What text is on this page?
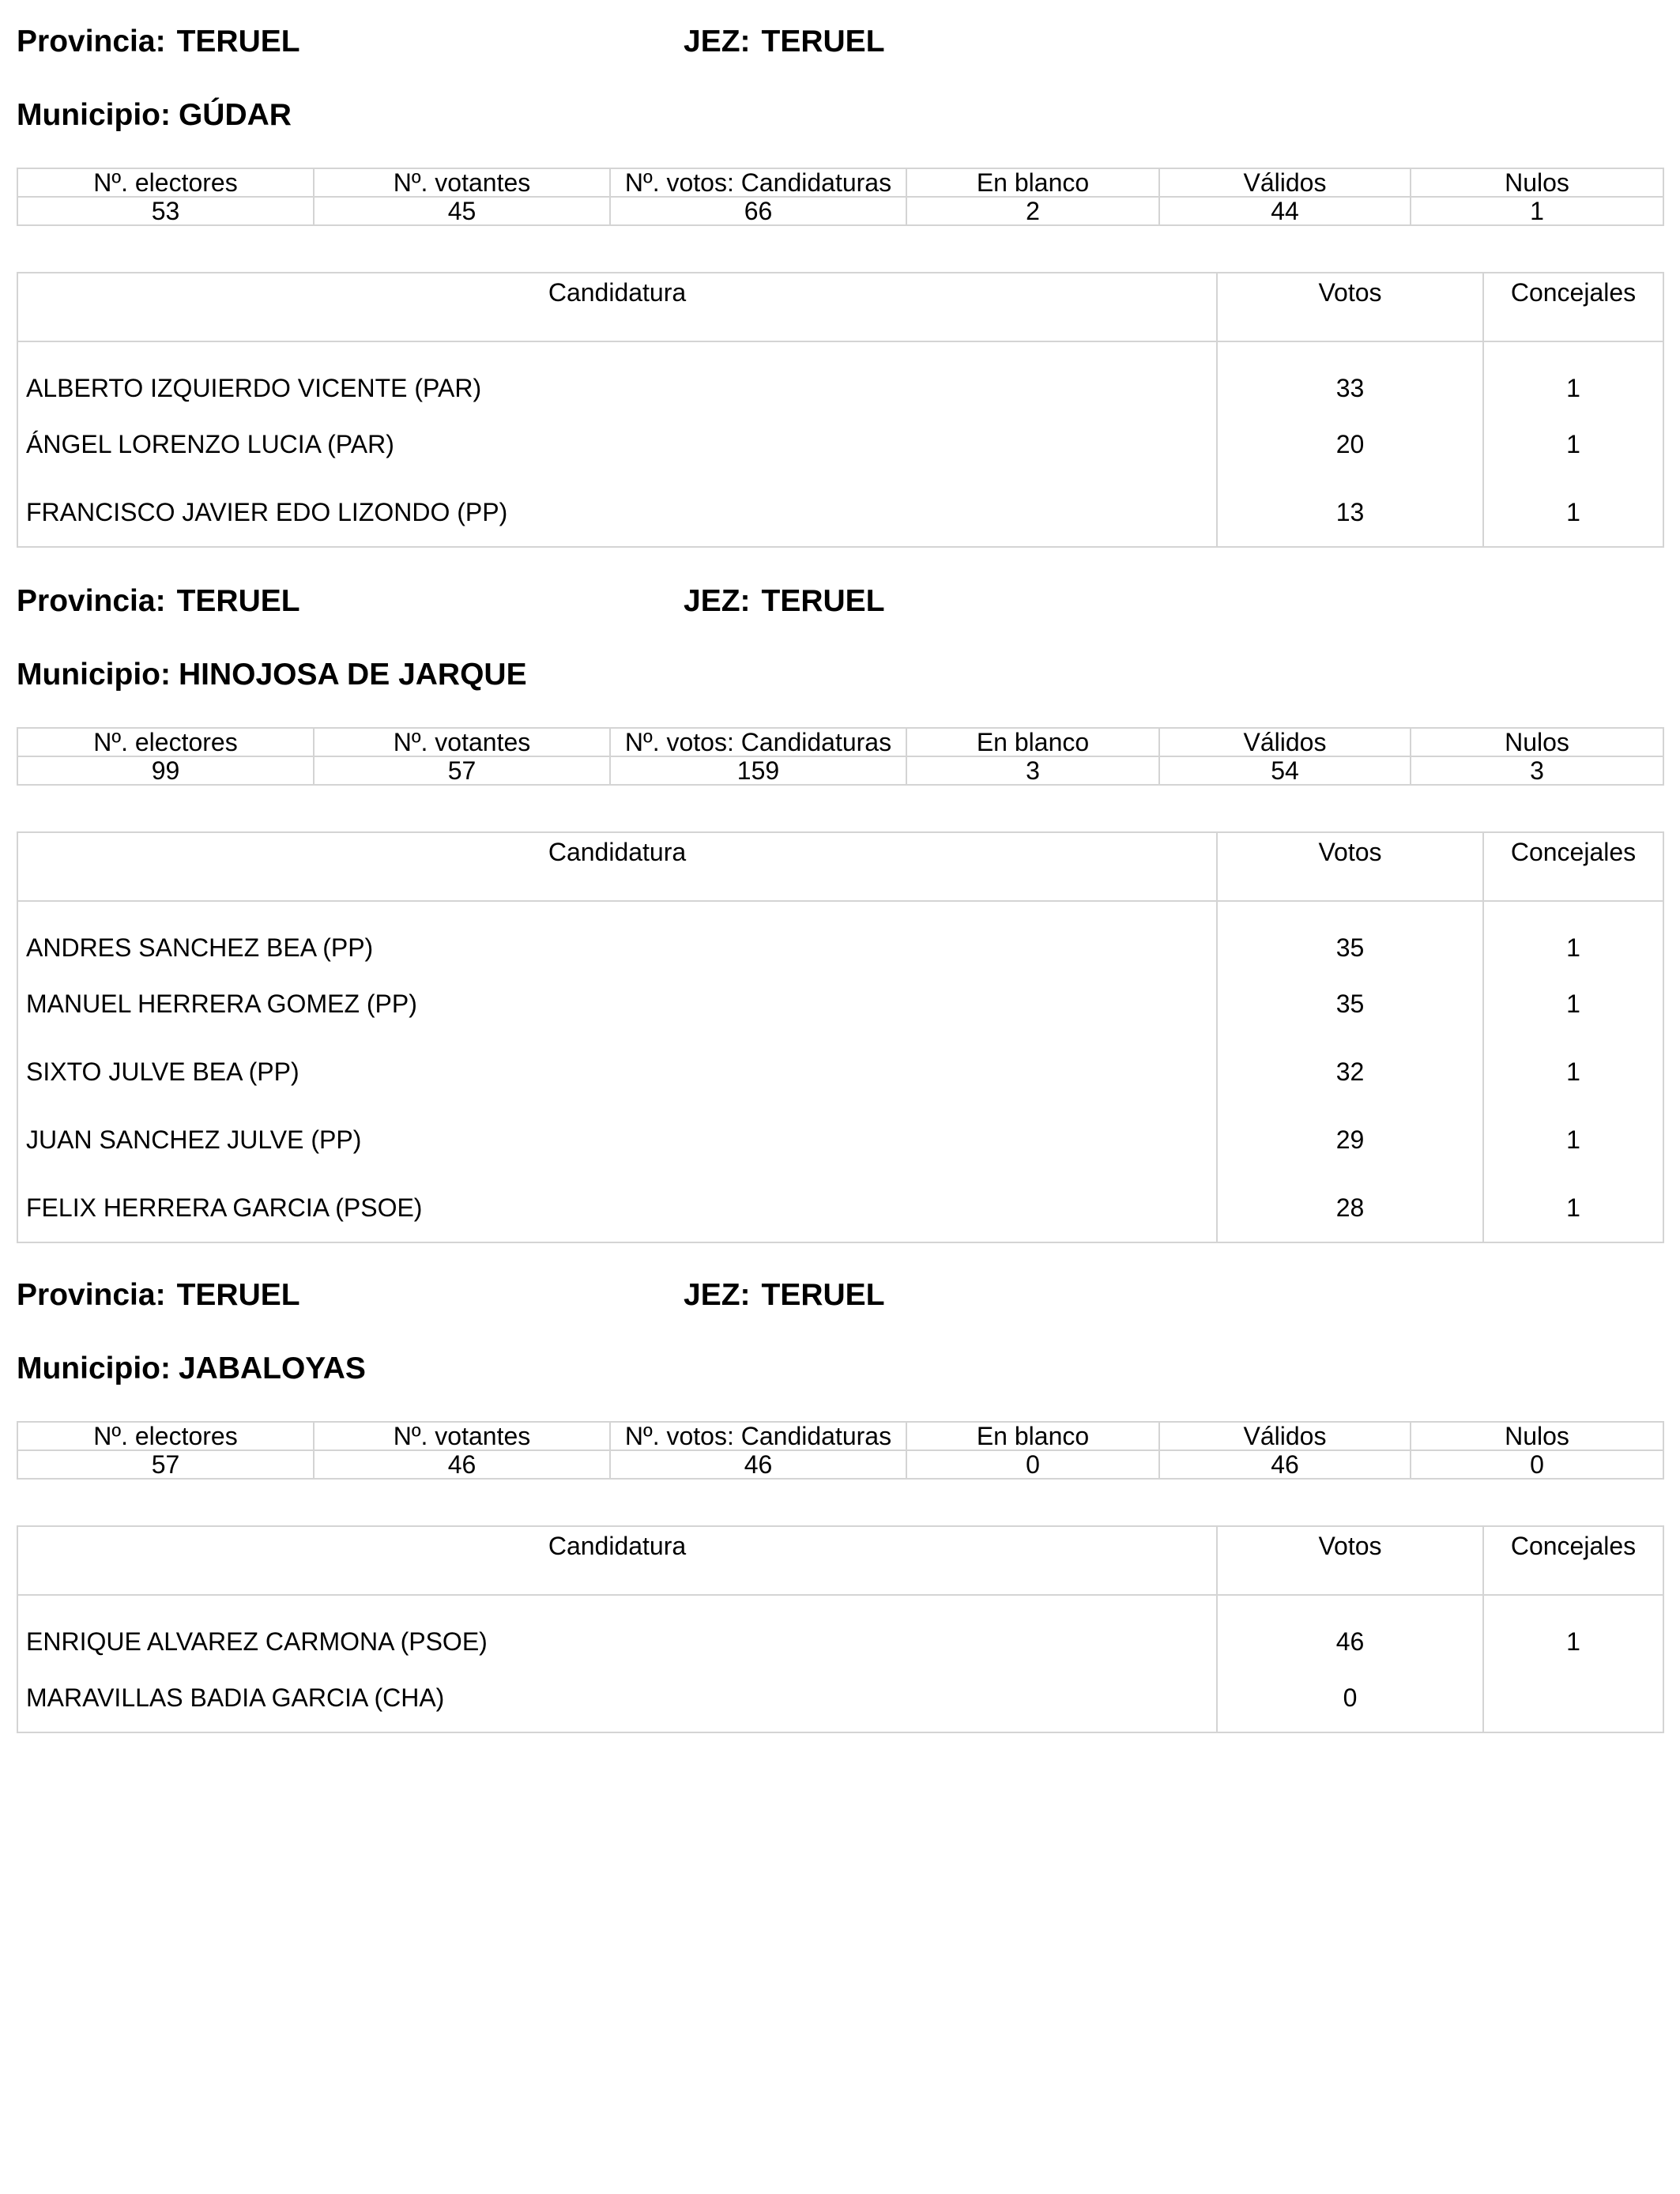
Provincia: TERUEL	JEZ: TERUEL
Municipio: GÚDAR
Nº. electores	Nº. votantes	Nº. votos: Candidaturas	En blanco	Válidos	Nulos
53	45	66	2	44	1
Candidatura	Votos	Concejales
ALBERTO IZQUIERDO VICENTE (PAR)	33	1
ÁNGEL LORENZO LUCIA (PAR)	20	1
FRANCISCO JAVIER EDO LIZONDO (PP)	13	1
Provincia: TERUEL	JEZ: TERUEL
Municipio: HINOJOSA DE JARQUE
Nº. electores	Nº. votantes	Nº. votos: Candidaturas	En blanco	Válidos	Nulos
99	57	159	3	54	3
Candidatura	Votos	Concejales
ANDRES SANCHEZ BEA (PP)	35	1
MANUEL HERRERA GOMEZ (PP)	35	1
SIXTO JULVE BEA (PP)	32	1
JUAN SANCHEZ JULVE (PP)	29	1
FELIX HERRERA GARCIA (PSOE)	28	1
Provincia: TERUEL	JEZ: TERUEL
Municipio: JABALOYAS
Nº. electores	Nº. votantes	Nº. votos: Candidaturas	En blanco	Válidos	Nulos
57	46	46	0	46	0
Candidatura	Votos	Concejales
ENRIQUE ALVAREZ CARMONA (PSOE)	46	1
MARAVILLAS BADIA GARCIA (CHA)	0	
